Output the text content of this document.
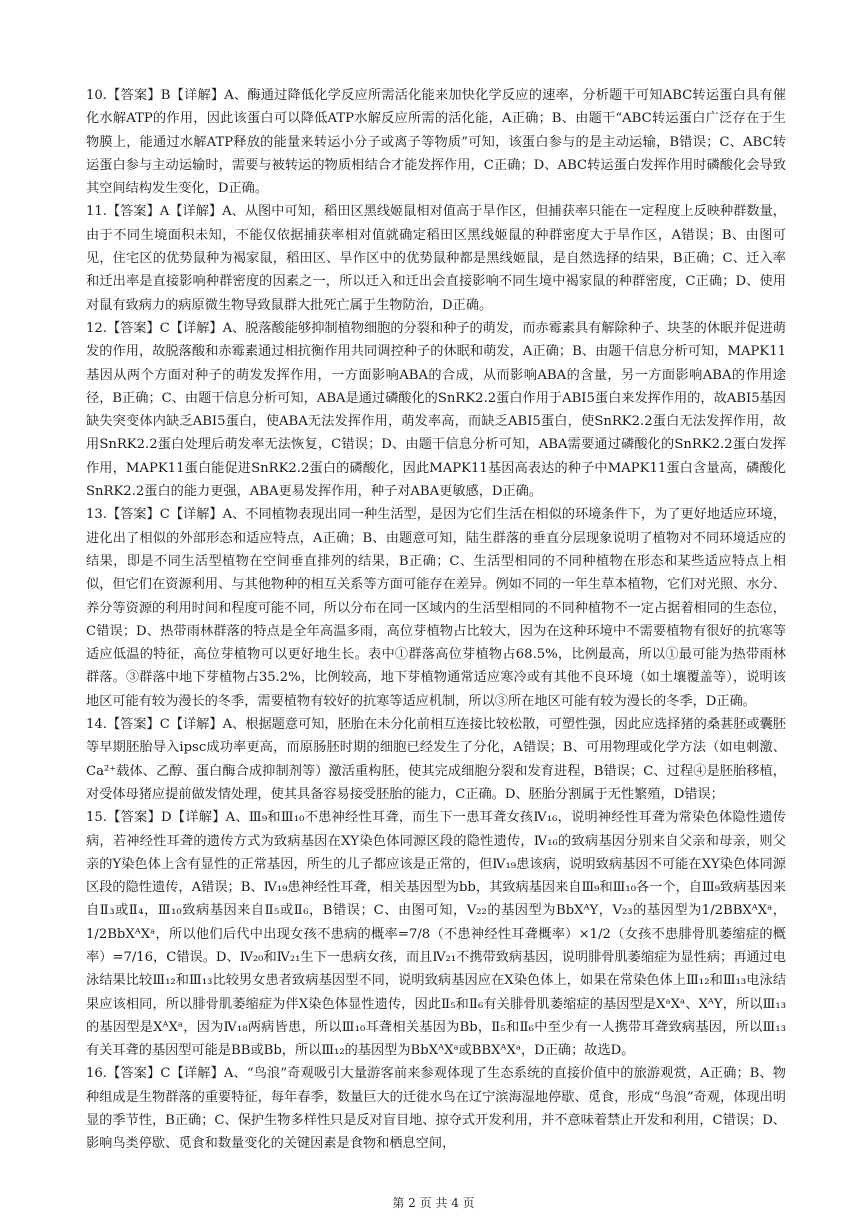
10.【答案】B【详解】A、酶通过降低化学反应所需活化能来加快化学反应的速率，分析题干可知ABC转运蛋白具有催化水解ATP的作用，因此该蛋白可以降低ATP水解反应所需的活化能，A正确；B、由题干“ABC转运蛋白广泛存在于生物膜上，能通过水解ATP释放的能量来转运小分子或离子等物质”可知，该蛋白参与的是主动运输，B错误；C、ABC转运蛋白参与主动运输时，需要与被转运的物质相结合才能发挥作用，C正确；D、ABC转运蛋白发挥作用时磷酸化会导致其空间结构发生变化，D正确。

11.【答案】A【详解】A、从图中可知，稻田区黑线姬鼠相对值高于旱作区，但捕获率只能在一定程度上反映种群数量，由于不同生境面积未知，不能仅依据捕获率相对值就确定稻田区黑线姬鼠的种群密度大于旱作区，A错误；B、由图可见，住宅区的优势鼠种为褐家鼠，稻田区、旱作区中的优势鼠种都是黑线姬鼠，是自然选择的结果，B正确；C、迁入率和迁出率是直接影响种群密度的因素之一，所以迁入和迁出会直接影响不同生境中褐家鼠的种群密度，C正确；D、使用对鼠有致病力的病原微生物导致鼠群大批死亡属于生物防治，D正确。

12.【答案】C【详解】A、脱落酸能够抑制植物细胞的分裂和种子的萌发，而赤霉素具有解除种子、块茎的休眠并促进萌发的作用，故脱落酸和赤霉素通过相抗衡作用共同调控种子的休眠和萌发，A正确；B、由题干信息分析可知，MAPK11基因从两个方面对种子的萌发发挥作用，一方面影响ABA的合成，从而影响ABA的含量，另一方面影响ABA的作用途径，B正确；C、由题干信息分析可知，ABA是通过磷酸化的SnRK2.2蛋白作用于ABI5蛋白来发挥作用的，故ABI5基因缺失突变体内缺乏ABI5蛋白，使ABA无法发挥作用，萌发率高，而缺乏ABI5蛋白，使SnRK2.2蛋白无法发挥作用，故用SnRK2.2蛋白处理后萌发率无法恢复，C错误；D、由题干信息分析可知，ABA需要通过磷酸化的SnRK2.2蛋白发挥作用，MAPK11蛋白能促进SnRK2.2蛋白的磷酸化，因此MAPK11基因高表达的种子中MAPK11蛋白含量高，磷酸化SnRK2.2蛋白的能力更强，ABA更易发挥作用，种子对ABA更敏感，D正确。

13.【答案】C【详解】A、不同植物表现出同一种生活型，是因为它们生活在相似的环境条件下，为了更好地适应环境，进化出了相似的外部形态和适应特点，A正确；B、由题意可知，陆生群落的垂直分层现象说明了植物对不同环境适应的结果，即是不同生活型植物在空间垂直排列的结果，B正确；C、生活型相同的不同种植物在形态和某些适应特点上相似，但它们在资源利用、与其他物种的相互关系等方面可能存在差异。例如不同的一年生草本植物，它们对光照、水分、养分等资源的利用时间和程度可能不同，所以分布在同一区域内的生活型相同的不同种植物不一定占据着相同的生态位，C错误；D、热带雨林群落的特点是全年高温多雨，高位芽植物占比较大，因为在这种环境中不需要植物有很好的抗寒等适应低温的特征，高位芽植物可以更好地生长。表中①群落高位芽植物占68.5%，比例最高，所以①最可能为热带雨林群落。③群落中地下芽植物占35.2%，比例较高，地下芽植物通常适应寒冷或有其他不良环境（如土壤覆盖等），说明该地区可能有较为漫长的冬季，需要植物有较好的抗寒等适应机制，所以③所在地区可能有较为漫长的冬季，D正确。

14.【答案】C【详解】A、根据题意可知，胚胎在未分化前相互连接比较松散，可塑性强，因此应选择猪的桑葚胚或囊胚等早期胚胎导入ipsc成功率更高，而原肠胚时期的细胞已经发生了分化，A错误；B、可用物理或化学方法（如电刺激、Ca²⁺载体、乙醇、蛋白酶合成抑制剂等）激活重构胚，使其完成细胞分裂和发育进程，B错误；C、过程④是胚胎移植，对受体母猪应提前做发情处理，使其具备容易接受胚胎的能力，C正确。D、胚胎分割属于无性繁殖，D错误；

15.【答案】D【详解】A、Ⅲ₉和Ⅲ₁₀不患神经性耳聋，而生下一患耳聋女孩Ⅳ₁₆，说明神经性耳聋为常染色体隐性遗传病，若神经性耳聋的遗传方式为致病基因在XY染色体同源区段的隐性遗传，Ⅳ₁₆的致病基因分别来自父亲和母亲，则父亲的Y染色体上含有显性的正常基因，所生的儿子都应该是正常的，但Ⅳ₁₉患该病，说明致病基因不可能在XY染色体同源区段的隐性遗传，A错误；B、Ⅳ₁₉患神经性耳聋，相关基因型为bb，其致病基因来自Ⅲ₉和Ⅲ₁₀各一个，自Ⅲ₉致病基因来自Ⅱ₃或Ⅱ₄，Ⅲ₁₀致病基因来自Ⅱ₅或Ⅱ₆，B错误；C、由图可知，V₂₂的基因型为BbXᴬY，V₂₃的基因型为1/2BBXᴬXᵃ，1/2BbXᴬXᵃ，所以他们后代中出现女孩不患病的概率=7/8（不患神经性耳聋概率）×1/2（女孩不患腓骨肌萎缩症的概率）=7/16，C错误。D、Ⅳ₂₀和Ⅳ₂₁生下一患病女孩，而且Ⅳ₂₁不携带致病基因，说明腓骨肌萎缩症为显性病；再通过电泳结果比较Ⅲ₁₂和Ⅲ₁₃比较男女患者致病基因型不同，说明致病基因应在X染色体上，如果在常染色体上Ⅲ₁₂和Ⅲ₁₃电泳结果应该相同，所以腓骨肌萎缩症为伴X染色体显性遗传，因此Ⅱ₅和Ⅱ₆有关腓骨肌萎缩症的基因型是XᵃXᵃ、XᴬY，所以Ⅲ₁₃的基因型是XᴬXᵃ，因为Ⅳ₁₈两病皆患，所以Ⅲ₁₀耳聋相关基因为Bb，Ⅱ₅和Ⅱ₆中至少有一人携带耳聋致病基因，所以Ⅲ₁₃有关耳聋的基因型可能是BB或Bb，所以Ⅲ₁₂的基因型为BbXᴬXᵃ或BBXᴬXᵃ，D正确；故选D。

16.【答案】C【详解】A、“鸟浪”奇观吸引大量游客前来参观体现了生态系统的直接价值中的旅游观赏，A正确；B、物种组成是生物群落的重要特征，每年春季，数量巨大的迁徙水鸟在辽宁滨海湿地停歇、觅食，形成“鸟浪”奇观，体现出明显的季节性，B正确；C、保护生物多样性只是反对盲目地、掠夺式开发利用，并不意味着禁止开发和利用，C错误；D、影响鸟类停歇、觅食和数量变化的关键因素是食物和栖息空间，

第 2 页 共 4 页
